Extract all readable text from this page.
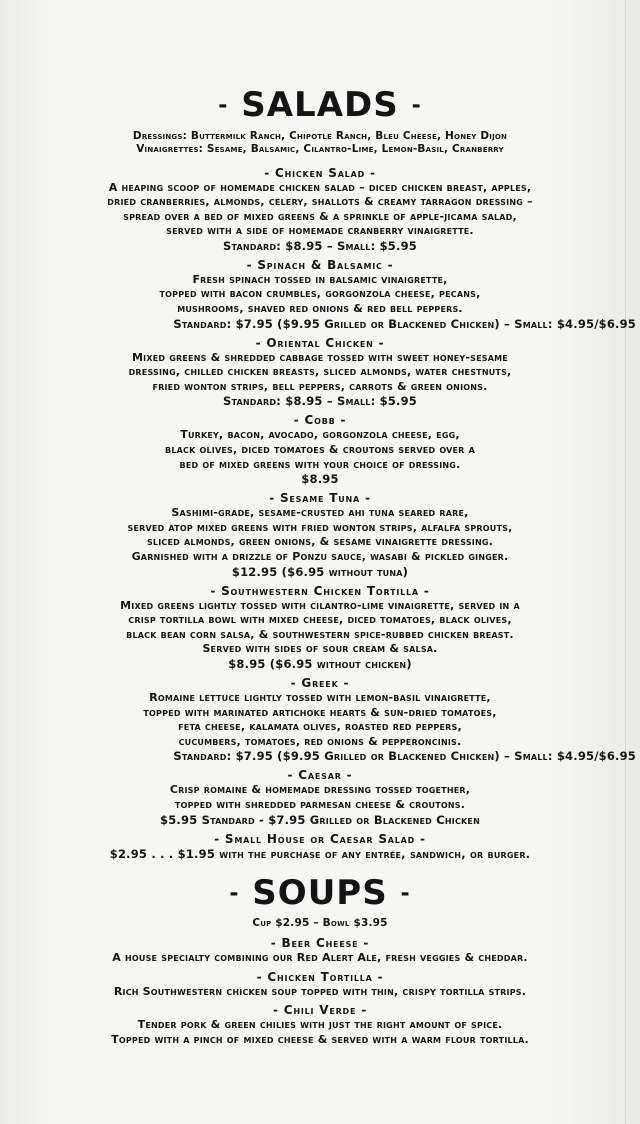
- SALADS -
Dressings: Buttermilk Ranch, Chipotle Ranch, Bleu Cheese, Honey Dijon
Vinaigrettes: Sesame, Balsamic, Cilantro-Lime, Lemon-Basil, Cranberry
- Chicken Salad -
A heaping scoop of homemade chicken salad – diced chicken breast, apples,
dried cranberries, almonds, celery, shallots & creamy tarragon dressing –
spread over a bed of mixed greens & a sprinkle of apple-jicama salad,
served with a side of homemade cranberry vinaigrette.
Standard: $8.95 – Small: $5.95
- Spinach & Balsamic -
Fresh spinach tossed in balsamic vinaigrette,
topped with bacon crumbles, gorgonzola cheese, pecans,
mushrooms, shaved red onions & red bell peppers.
Standard: $7.95 ($9.95 Grilled or Blackened Chicken) – Small: $4.95/$6.95
- Oriental Chicken -
Mixed greens & shredded cabbage tossed with sweet honey-sesame
dressing, chilled chicken breasts, sliced almonds, water chestnuts,
fried wonton strips, bell peppers, carrots & green onions.
Standard: $8.95 – Small: $5.95
- Cobb -
Turkey, bacon, avocado, gorgonzola cheese, egg,
black olives, diced tomatoes & croutons served over a
bed of mixed greens with your choice of dressing.
$8.95
- Sesame Tuna -
Sashimi-grade, sesame-crusted ahi tuna seared rare,
served atop mixed greens with fried wonton strips, alfalfa sprouts,
sliced almonds, green onions, & sesame vinaigrette dressing.
Garnished with a drizzle of Ponzu sauce, wasabi & pickled ginger.
$12.95 ($6.95 without tuna)
- Southwestern Chicken Tortilla -
Mixed greens lightly tossed with cilantro-lime vinaigrette, served in a
crisp tortilla bowl with mixed cheese, diced tomatoes, black olives,
black bean corn salsa, & southwestern spice-rubbed chicken breast.
Served with sides of sour cream & salsa.
$8.95 ($6.95 without chicken)
- Greek -
Romaine lettuce lightly tossed with lemon-basil vinaigrette,
topped with marinated artichoke hearts & sun-dried tomatoes,
feta cheese, kalamata olives, roasted red peppers,
cucumbers, tomatoes, red onions & pepperoncinis.
Standard: $7.95 ($9.95 Grilled or Blackened Chicken) – Small: $4.95/$6.95
- Caesar -
Crisp romaine & homemade dressing tossed together,
topped with shredded parmesan cheese & croutons.
$5.95 Standard - $7.95 Grilled or Blackened Chicken
- Small House or Caesar Salad -
$2.95 . . . $1.95 with the purchase of any entrée, sandwich, or burger.
- SOUPS -
Cup $2.95 – Bowl $3.95
- Beer Cheese -
A house specialty combining our Red Alert Ale, fresh veggies & cheddar.
- Chicken Tortilla -
Rich Southwestern chicken soup topped with thin, crispy tortilla strips.
- Chili Verde -
Tender pork & green chilies with just the right amount of spice.
Topped with a pinch of mixed cheese & served with a warm flour tortilla.
